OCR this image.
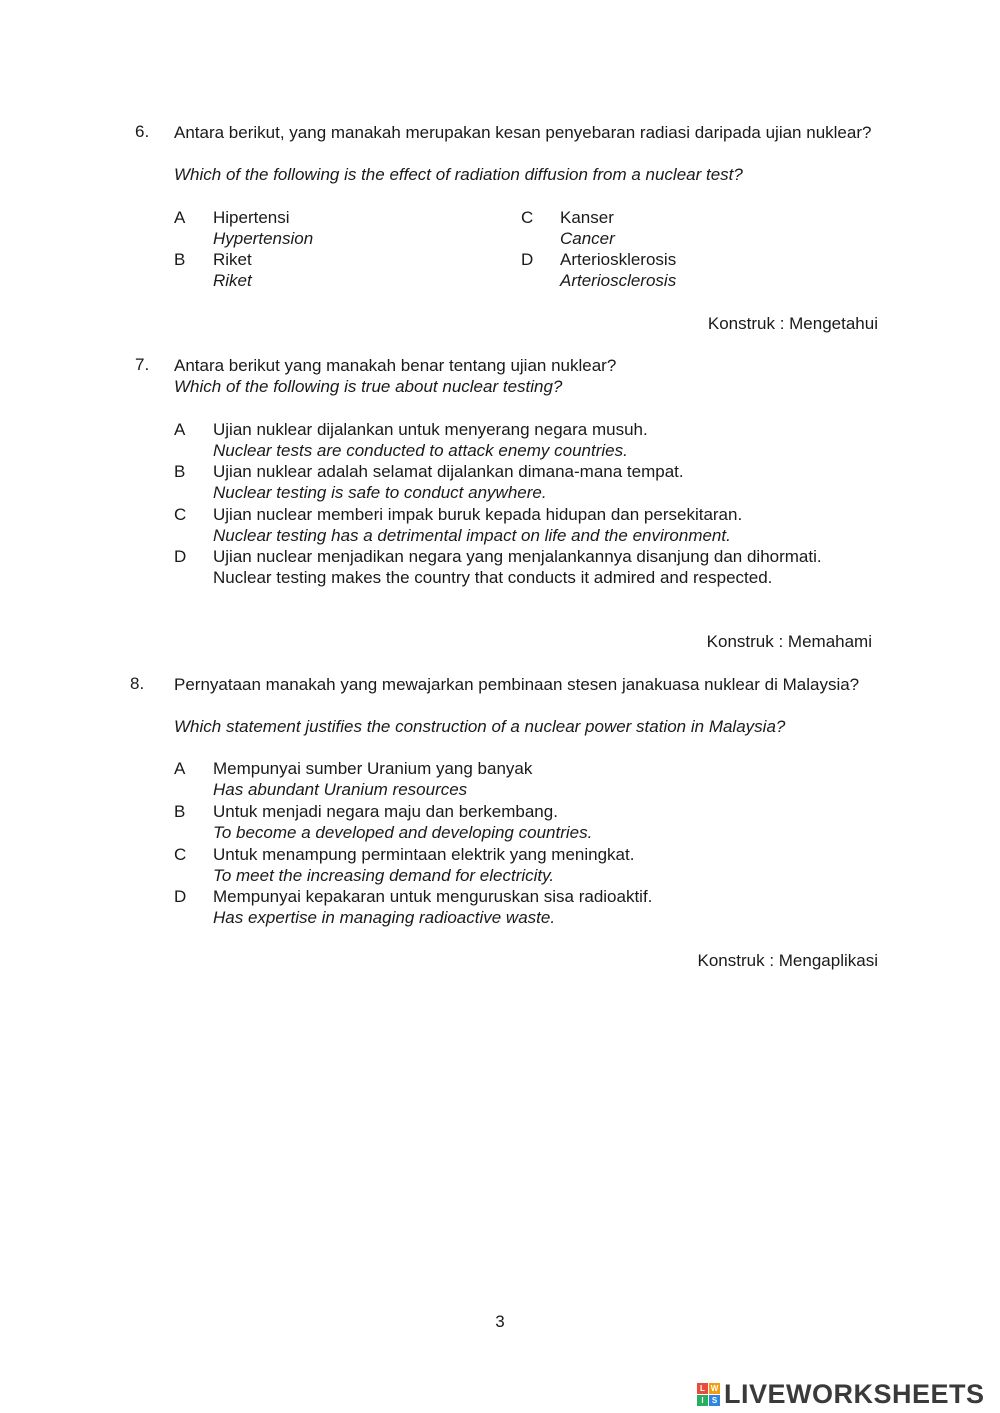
6. Antara berikut, yang manakah merupakan kesan penyebaran radiasi daripada ujian nuklear?
Which of the following is the effect of radiation diffusion from a nuclear test?
A Hipertensi
Hypertension
B Riket
Riket
C Kanser
Cancer
D Arteriosklerosis
Arteriosclerosis
Konstruk : Mengetahui
7. Antara berikut yang manakah benar tentang ujian nuklear?
Which of the following is true about nuclear testing?
A Ujian nuklear dijalankan untuk menyerang negara musuh.
Nuclear tests are conducted to attack enemy countries.
B Ujian nuklear adalah selamat dijalankan dimana-mana tempat.
Nuclear testing is safe to conduct anywhere.
C Ujian nuclear memberi impak buruk kepada hidupan dan persekitaran.
Nuclear testing has a detrimental impact on life and the environment.
D Ujian nuclear menjadikan negara yang menjalankannya disanjung dan dihormati.
Nuclear testing makes the country that conducts it admired and respected.
Konstruk : Memahami
8. Pernyataan manakah yang mewajarkan pembinaan stesen janakuasa nuklear di Malaysia?
Which statement justifies the construction of a nuclear power station in Malaysia?
A Mempunyai sumber Uranium yang banyak
Has abundant Uranium resources
B Untuk menjadi negara maju dan berkembang.
To become a developed and developing countries.
C Untuk menampung permintaan elektrik yang meningkat.
To meet the increasing demand for electricity.
D Mempunyai kepakaran untuk menguruskan sisa radioaktif.
Has expertise in managing radioactive waste.
Konstruk : Mengaplikasi
3
L W
I	S LIVEWORKSHEETS
